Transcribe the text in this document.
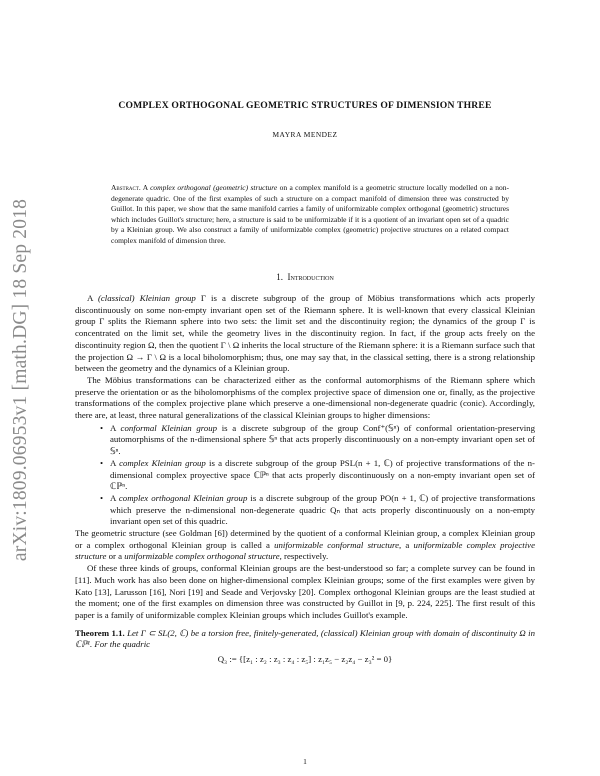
arXiv:1809.06953v1 [math.DG] 18 Sep 2018
COMPLEX ORTHOGONAL GEOMETRIC STRUCTURES OF DIMENSION THREE
MAYRA MENDEZ
Abstract. A complex orthogonal (geometric) structure on a complex manifold is a geometric structure locally modelled on a non-degenerate quadric. One of the first examples of such a structure on a compact manifold of dimension three was constructed by Guillot. In this paper, we show that the same manifold carries a family of uniformizable complex orthogonal (geometric) structures which includes Guillot's structure; here, a structure is said to be uniformizable if it is a quotient of an invariant open set of a quadric by a Kleinian group. We also construct a family of uniformizable complex (geometric) projective structures on a related compact complex manifold of dimension three.
1. Introduction

A (classical) Kleinian group Γ is a discrete subgroup of the group of Möbius transformations which acts properly discontinuously on some non-empty invariant open set of the Riemann sphere. It is well-known that every classical Kleinian group Γ splits the Riemann sphere into two sets: the limit set and the discontinuity region; the dynamics of the group Γ is concentrated on the limit set, while the geometry lives in the discontinuity region. In fact, if the group acts freely on the discontinuity region Ω, then the quotient Γ \ Ω inherits the local structure of the Riemann sphere: it is a Riemann surface such that the projection Ω → Γ \ Ω is a local biholomorphism; thus, one may say that, in the classical setting, there is a strong relationship between the geometry and the dynamics of a Kleinian group.

The Möbius transformations can be characterized either as the conformal automorphisms of the Riemann sphere which preserve the orientation or as the biholomorphisms of the complex projective space of dimension one or, finally, as the projective transformations of the complex projective plane which preserve a one-dimensional non-degenerate quadric (conic). Accordingly, there are, at least, three natural generalizations of the classical Kleinian groups to higher dimensions:

• A conformal Kleinian group is a discrete subgroup of the group Conf⁺(𝕊ⁿ) of conformal orientation-preserving automorphisms of the n-dimensional sphere 𝕊ⁿ that acts properly discontinuously on a non-empty invariant open set of 𝕊ⁿ.
• A complex Kleinian group is a discrete subgroup of the group PSL(n + 1, ℂ) of projective transformations of the n-dimensional complex proyective space ℂℙⁿ that acts properly discontinuously on a non-empty invariant open set of ℂℙⁿ.
• A complex orthogonal Kleinian group is a discrete subgroup of the group PO(n + 1, ℂ) of projective transformations which preserve the n-dimensional non-degenerate quadric Qₙ that acts properly discontinuously on a non-empty invariant open set of this quadric.

The geometric structure (see Goldman [6]) determined by the quotient of a conformal Kleinian group, a complex Kleinian group or a complex orthogonal Kleinian group is called a uniformizable conformal structure, a uniformizable complex projective structure or a uniformizable complex orthogonal structure, respectively.

Of these three kinds of groups, conformal Kleinian groups are the best-understood so far; a complete survey can be found in [11]. Much work has also been done on higher-dimensional complex Kleinian groups; some of the first examples were given by Kato [13], Larusson [16], Nori [19] and Seade and Verjovsky [20]. Complex orthogonal Kleinian groups are the least studied at the moment; one of the first examples on dimension three was constructed by Guillot in [9, p. 224, 225]. The first result of this paper is a family of uniformizable complex Kleinian groups which includes Guillot's example.

Theorem 1.1. Let Γ ⊂ SL(2, ℂ) be a torsion free, finitely-generated, (classical) Kleinian group with domain of discontinuity Ω in ℂℙ¹. For the quadric

Q₃ := {[z₁ : z₂ : z₃ : z₄ : z₅] : z₁z₅ − z₂z₄ − z₃² = 0}
1
